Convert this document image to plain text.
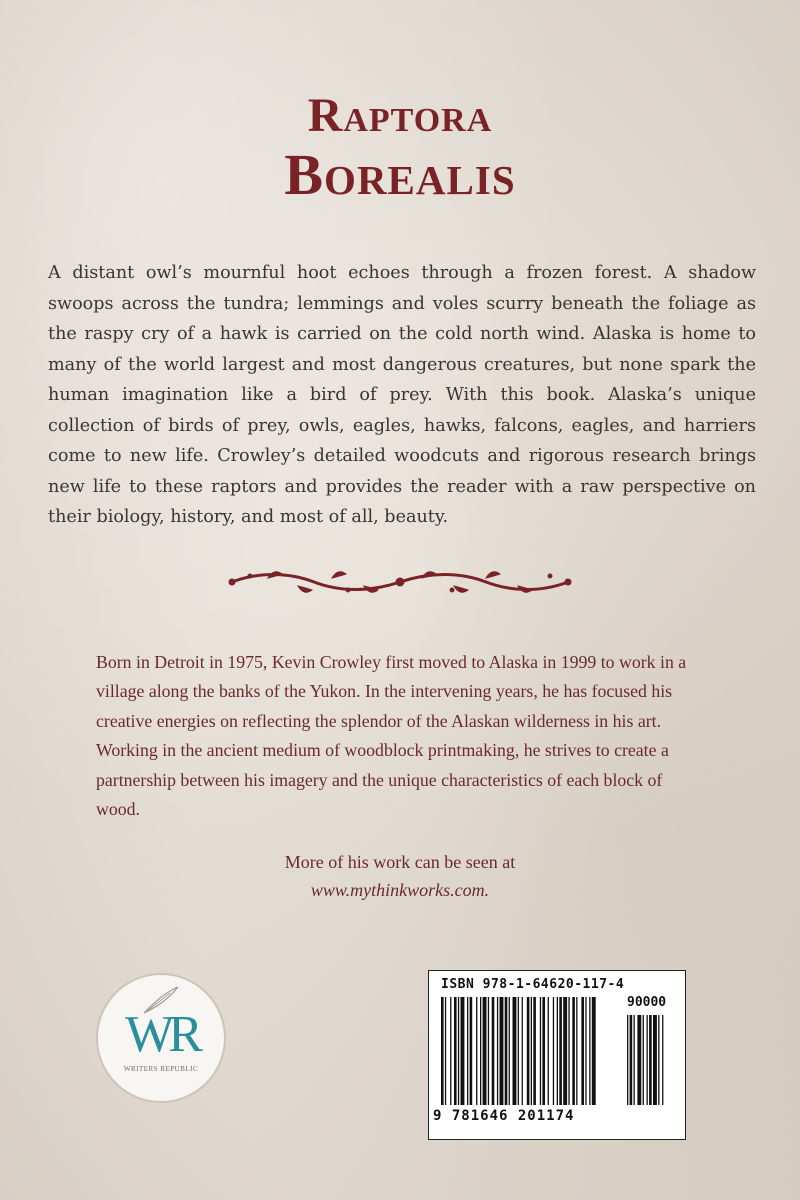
Raptora
Borealis

A distant owl’s mournful hoot echoes through a frozen forest. A shadow swoops across the tundra; lemmings and voles scurry beneath the foliage as the raspy cry of a hawk is carried on the cold north wind. Alaska is home to many of the world largest and most dangerous creatures, but none spark the human imagination like a bird of prey. With this book. Alaska’s unique collection of birds of prey, owls, eagles, hawks, falcons, eagles, and harriers come to new life. Crowley’s detailed woodcuts and rigorous research brings new life to these raptors and provides the reader with a raw perspective on their biology, history, and most of all, beauty.

Born in Detroit in 1975, Kevin Crowley first moved to Alaska in 1999 to work in a village along the banks of the Yukon. In the intervening years, he has focused his creative energies on reflecting the splendor of the Alaskan wilderness in his art. Working in the ancient medium of woodblock printmaking, he strives to create a partnership between his imagery and the unique characteristics of each block of wood.

More of his work can be seen at

www.mythinkworks.com.

WR
WRITERS REPUBLIC
ISBN 978-1-64620-117-4
90000
9 781646 201174
